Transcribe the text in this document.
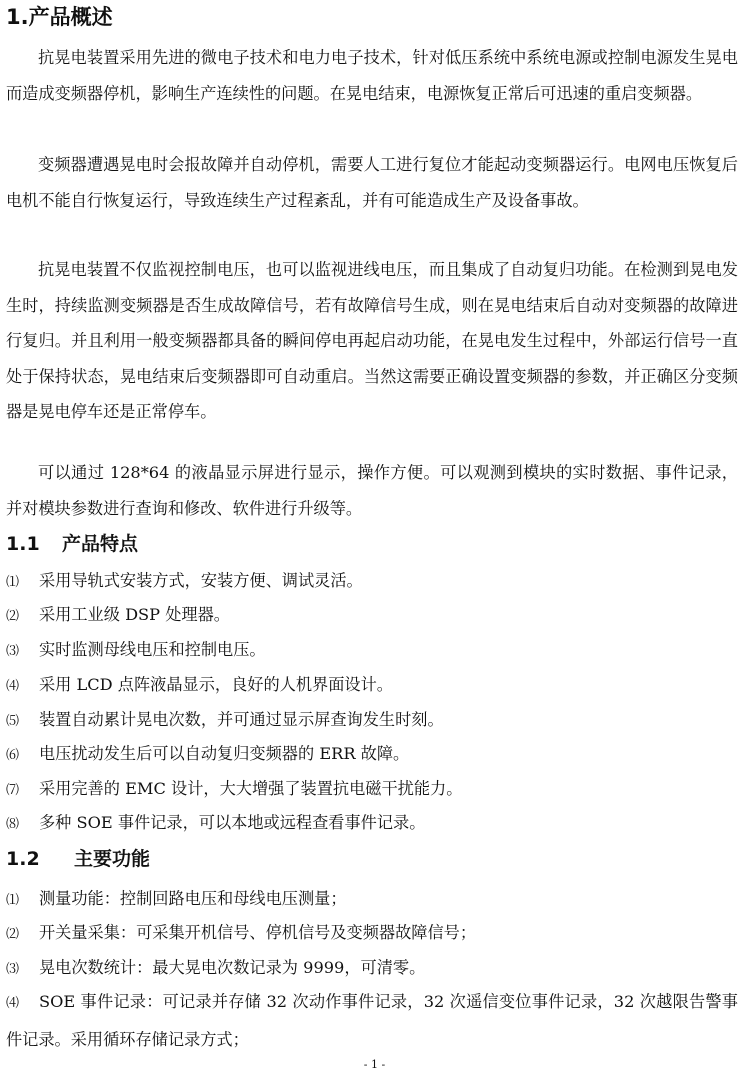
1.产品概述

抗晃电装置采用先进的微电子技术和电力电子技术，针对低压系统中系统电源或控制电源发生晃电而造成变频器停机，影响生产连续性的问题。在晃电结束，电源恢复正常后可迅速的重启变频器。

变频器遭遇晃电时会报故障并自动停机，需要人工进行复位才能起动变频器运行。电网电压恢复后电机不能自行恢复运行，导致连续生产过程紊乱，并有可能造成生产及设备事故。

抗晃电装置不仅监视控制电压，也可以监视进线电压，而且集成了自动复归功能。在检测到晃电发生时，持续监测变频器是否生成故障信号，若有故障信号生成，则在晃电结束后自动对变频器的故障进行复归。并且利用一般变频器都具备的瞬间停电再起启动功能，在晃电发生过程中，外部运行信号一直处于保持状态，晃电结束后变频器即可自动重启。当然这需要正确设置变频器的参数，并正确区分变频器是晃电停车还是正常停车。

可以通过 128*64 的液晶显示屏进行显示，操作方便。可以观测到模块的实时数据、事件记录，并对模块参数进行查询和修改、软件进行升级等。

1.1 产品特点
⑴ 采用导轨式安装方式，安装方便、调试灵活。
⑵ 采用工业级 DSP 处理器。
⑶ 实时监测母线电压和控制电压。
⑷ 采用 LCD 点阵液晶显示，良好的人机界面设计。
⑸ 装置自动累计晃电次数，并可通过显示屏查询发生时刻。
⑹ 电压扰动发生后可以自动复归变频器的 ERR 故障。
⑺ 采用完善的 EMC 设计，大大增强了装置抗电磁干扰能力。
⑻ 多种 SOE 事件记录，可以本地或远程查看事件记录。
1.2 主要功能
⑴ 测量功能：控制回路电压和母线电压测量；
⑵ 开关量采集：可采集开机信号、停机信号及变频器故障信号；
⑶ 晃电次数统计：最大晃电次数记录为 9999，可清零。
⑷ SOE 事件记录：可记录并存储 32 次动作事件记录，32 次遥信变位事件记录，32 次越限告警事件记录。采用循环存储记录方式；
- 1 -
